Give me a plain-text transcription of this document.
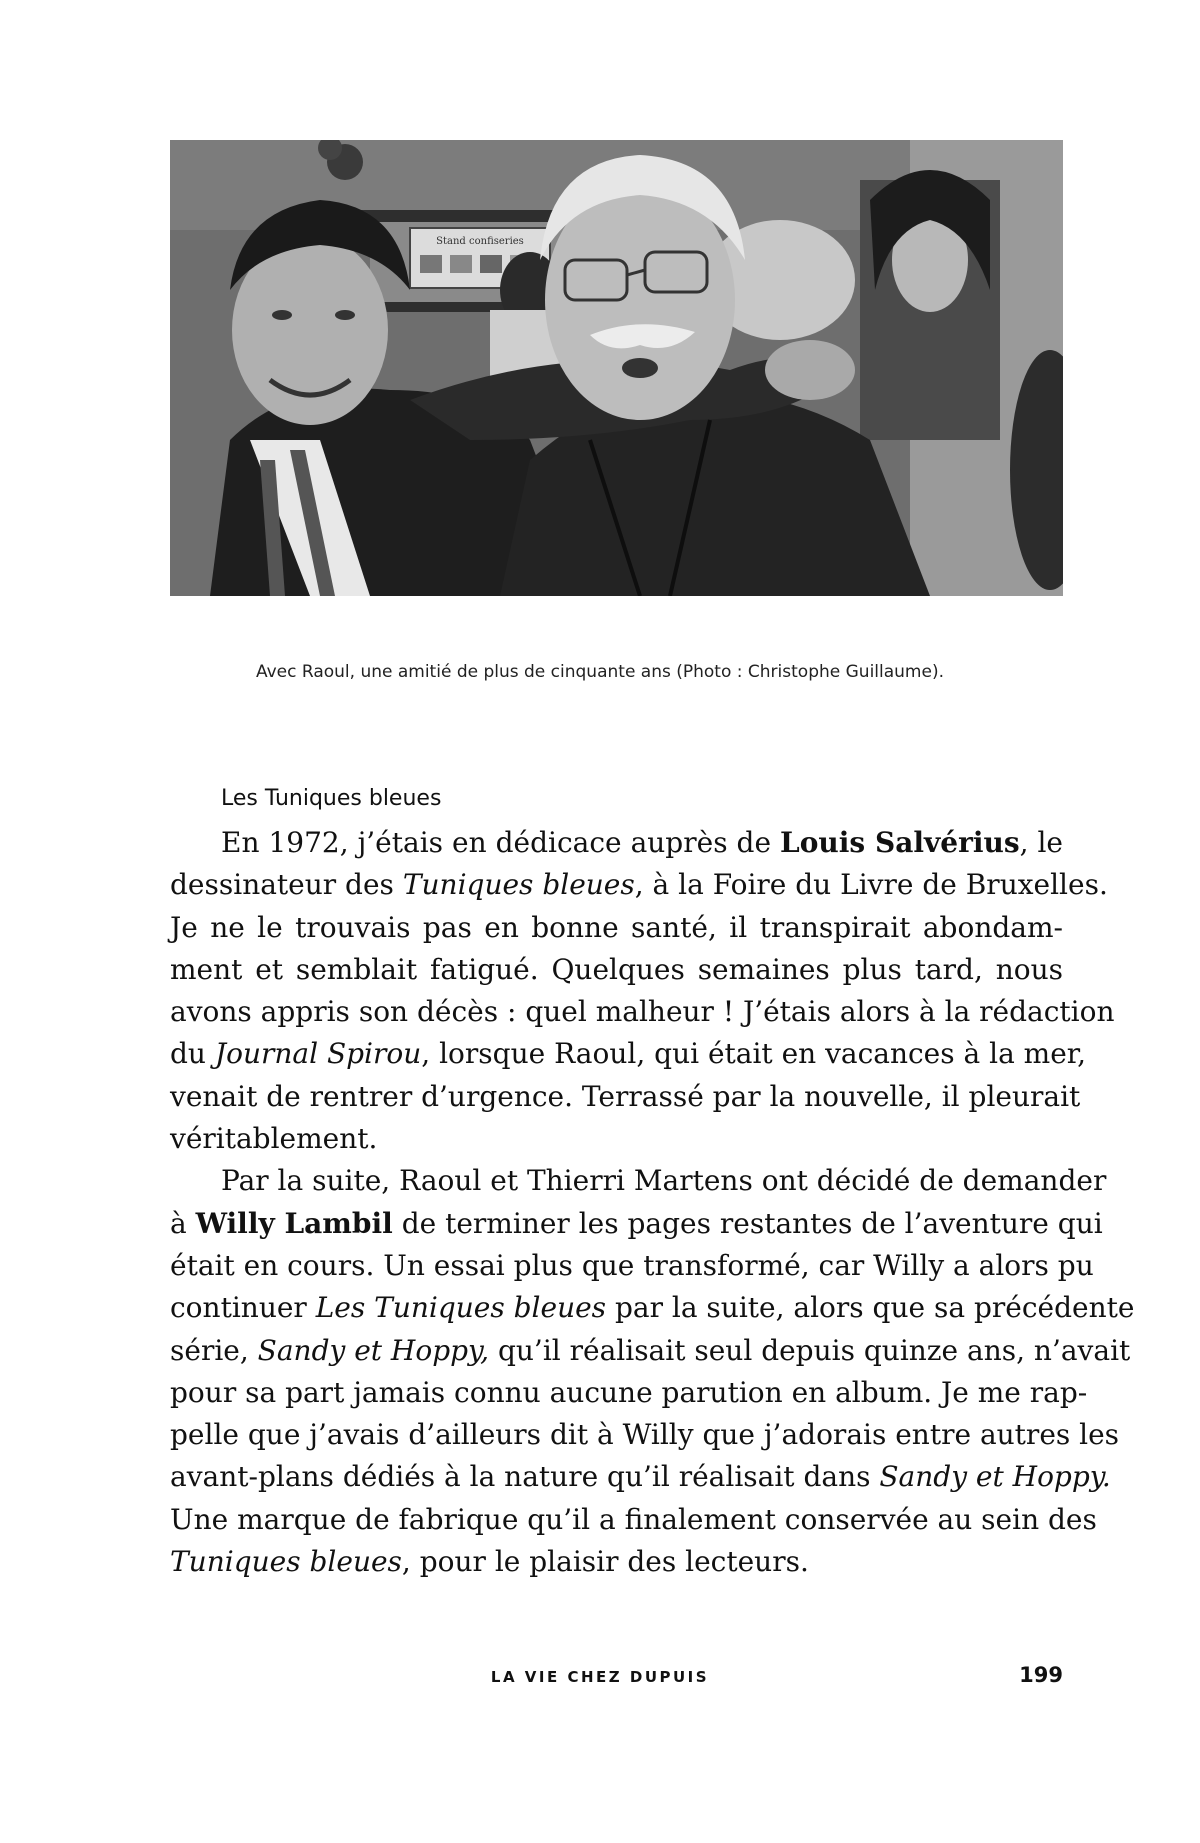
Stand confiseries
Avec Raoul, une amitié de plus de cinquante ans (Photo : Christophe Guillaume).
Les Tuniques bleues
En 1972, j’étais en dédicace auprès de Louis Salvérius, le
dessinateur des Tuniques bleues, à la Foire du Livre de Bruxelles.
Je ne le trouvais pas en bonne santé, il transpirait abondam-
ment et semblait fatigué. Quelques semaines plus tard, nous
avons appris son décès : quel malheur ! J’étais alors à la rédaction
du Journal Spirou, lorsque Raoul, qui était en vacances à la mer,
venait de rentrer d’urgence. Terrassé par la nouvelle, il pleurait
véritablement.
Par la suite, Raoul et Thierri Martens ont décidé de demander
à Willy Lambil de terminer les pages restantes de l’aventure qui
était en cours. Un essai plus que transformé, car Willy a alors pu
continuer Les Tuniques bleues par la suite, alors que sa précédente
série, Sandy et Hoppy, qu’il réalisait seul depuis quinze ans, n’avait
pour sa part jamais connu aucune parution en album. Je me rap-
pelle que j’avais d’ailleurs dit à Willy que j’adorais entre autres les
avant-plans dédiés à la nature qu’il réalisait dans Sandy et Hoppy.
Une marque de fabrique qu’il a finalement conservée au sein des
Tuniques bleues, pour le plaisir des lecteurs.
LA VIE CHEZ DUPUIS	199
